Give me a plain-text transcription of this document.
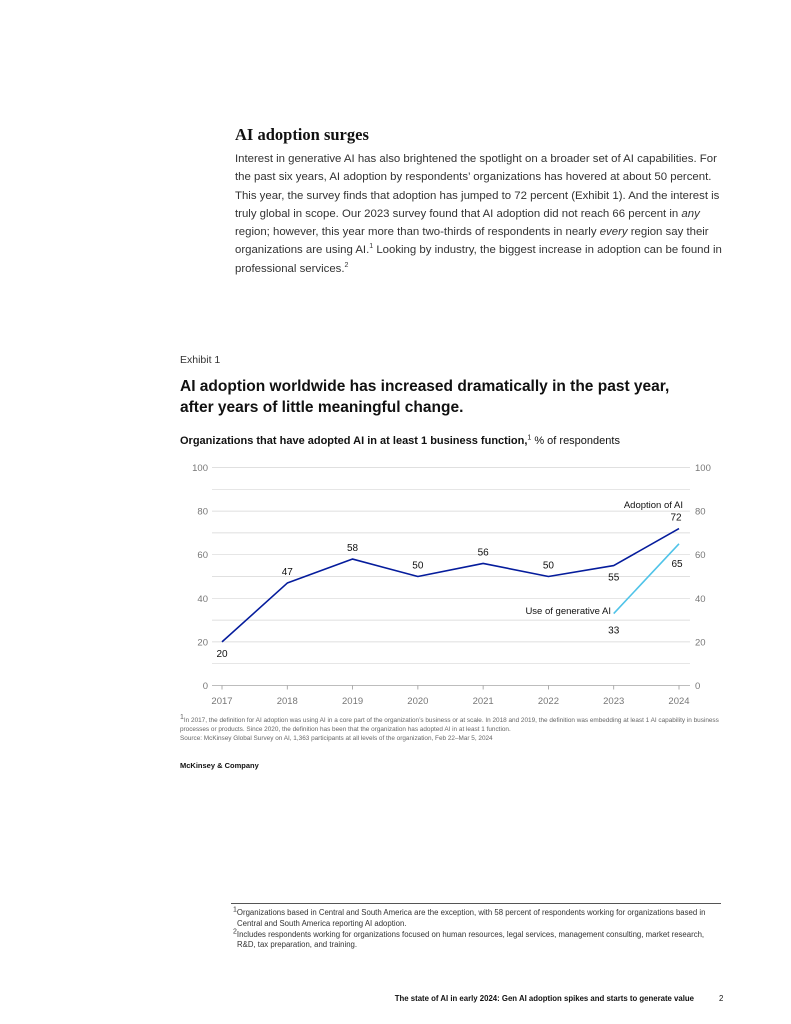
AI adoption surges
Interest in generative AI has also brightened the spotlight on a broader set of AI capabilities. For the past six years, AI adoption by respondents’ organizations has hovered at about 50 percent. This year, the survey finds that adoption has jumped to 72 percent (Exhibit 1). And the interest is truly global in scope. Our 2023 survey found that AI adoption did not reach 66 percent in any region; however, this year more than two-thirds of respondents in nearly every region say their organizations are using AI.$^1$ Looking by industry, the biggest increase in adoption can be found in professional services.$^2$
Exhibit 1
AI adoption worldwide has increased dramatically in the past year, after years of little meaningful change.
Organizations that have adopted AI in at least 1 business function,$^1$ % of respondents
0	0
20	20
40	40
60	60
80	80
100	100
2017	2018	2019	2020	2021	2022	2023	2024
20
47
58
50
56
50
55
72
33
65
Adoption of AI
Use of generative AI
$^1$In 2017, the definition for AI adoption was using AI in a core part of the organization’s business or at scale. In 2018 and 2019, the definition was embedding at least 1 AI capability in business processes or products. Since 2020, the definition has been that the organization has adopted AI in at least 1 function.
Source: McKinsey Global Survey on AI, 1,363 participants at all levels of the organization, Feb 22–Mar 5, 2024
McKinsey & Company
$^1$Organizations based in Central and South America are the exception, with 58 percent of respondents working for organizations based in Central and South America reporting AI adoption.
$^2$Includes respondents working for organizations focused on human resources, legal services, management consulting, market research, R&D, tax preparation, and training.
The state of AI in early 2024: Gen AI adoption spikes and starts to generate value	2
